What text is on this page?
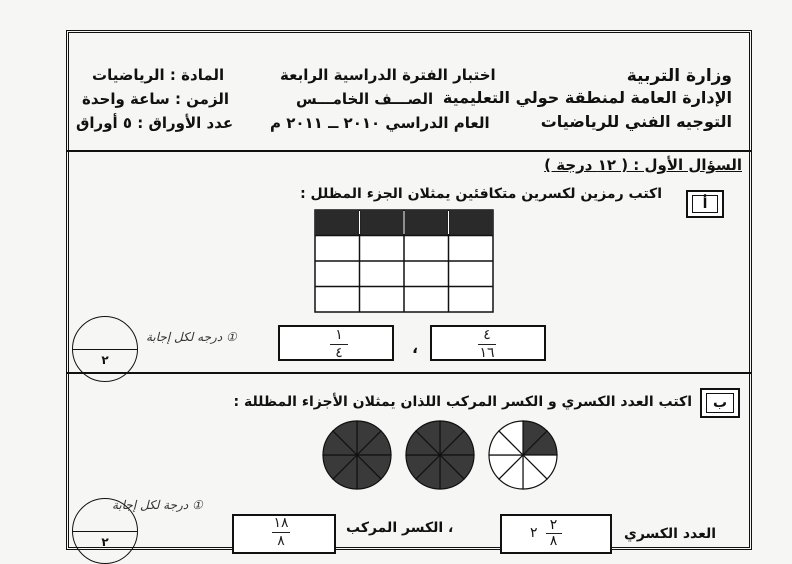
وزارة التربية
الإدارة العامة لمنطقة حولي التعليمية
التوجيه الفني للرياضيات
اختبار الفترة الدراسية الرابعة
الصـــف الخامـــس
العام الدراسي ٢٠١٠ ــ ٢٠١١ م
المادة : الرياضيات
الزمن : ساعة واحدة
عدد الأوراق : ٥ أوراق
السؤال الأول : ( ١٢ درجة )
أ
اكتب رمزين لكسرين متكافئين يمثلان الجزء المظلل :
٢
① درجه لكل إجابة	١
٤	،
٤
١٦
ب
اكتب العدد الكسري و الكسر المركب اللذان يمثلان الأجزاء المظللة :
٢
① درجة لكل إجابة
العدد الكسري
٢
٢
٨
، الكسر المركب
١٨
٨
